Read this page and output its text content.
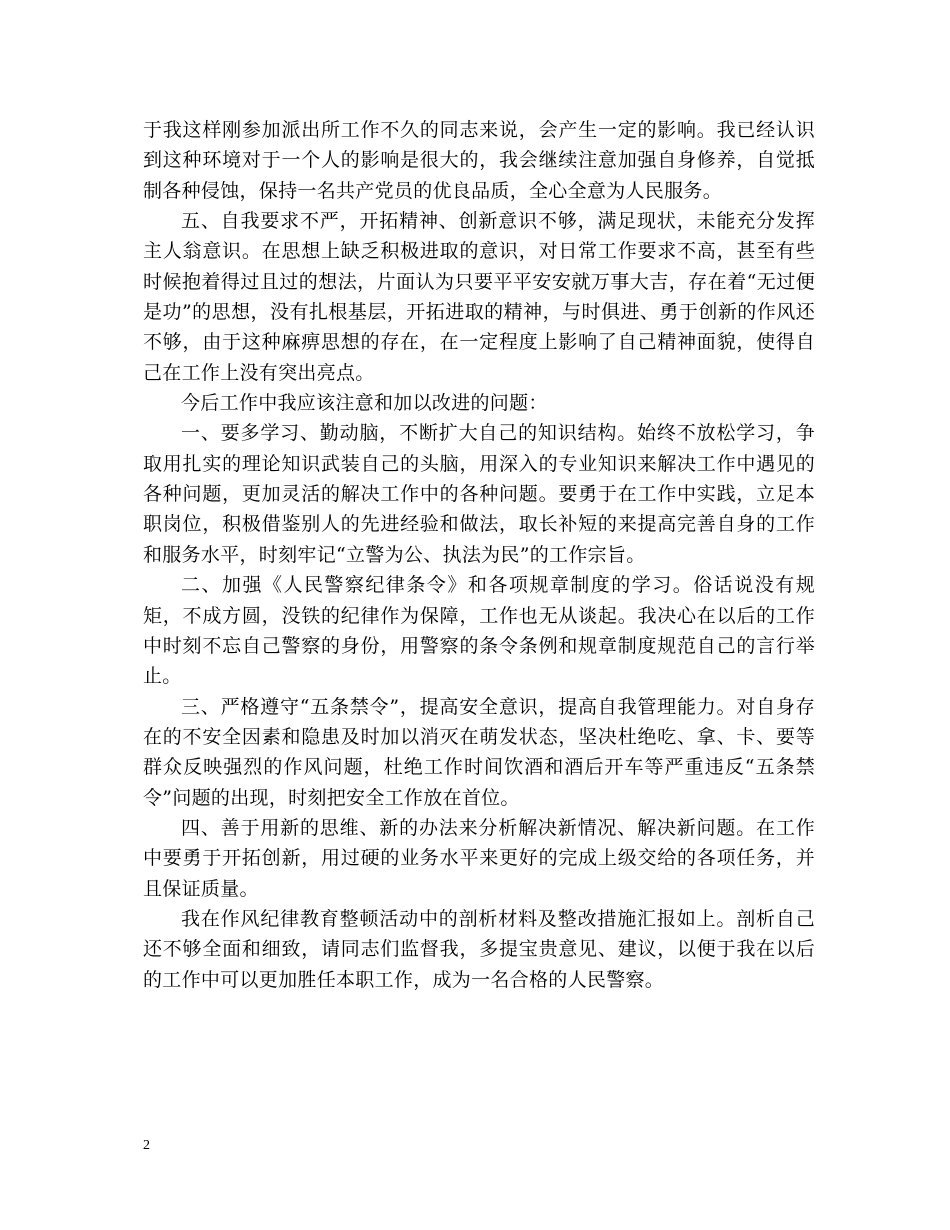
于我这样刚参加派出所工作不久的同志来说，会产生一定的影响。我已经认识到这种环境对于一个人的影响是很大的，我会继续注意加强自身修养，自觉抵制各种侵蚀，保持一名共产党员的优良品质，全心全意为人民服务。

五、自我要求不严，开拓精神、创新意识不够，满足现状，未能充分发挥主人翁意识。在思想上缺乏积极进取的意识，对日常工作要求不高，甚至有些时候抱着得过且过的想法，片面认为只要平平安安就万事大吉，存在着“无过便是功”的思想，没有扎根基层，开拓进取的精神，与时俱进、勇于创新的作风还不够，由于这种麻痹思想的存在，在一定程度上影响了自己精神面貌，使得自己在工作上没有突出亮点。

今后工作中我应该注意和加以改进的问题：

一、要多学习、勤动脑，不断扩大自己的知识结构。始终不放松学习，争取用扎实的理论知识武装自己的头脑，用深入的专业知识来解决工作中遇见的各种问题，更加灵活的解决工作中的各种问题。要勇于在工作中实践，立足本职岗位，积极借鉴别人的先进经验和做法，取长补短的来提高完善自身的工作和服务水平，时刻牢记“立警为公、执法为民”的工作宗旨。

二、加强《人民警察纪律条令》和各项规章制度的学习。俗话说没有规矩，不成方圆，没铁的纪律作为保障，工作也无从谈起。我决心在以后的工作中时刻不忘自己警察的身份，用警察的条令条例和规章制度规范自己的言行举止。

三、严格遵守“五条禁令”，提高安全意识，提高自我管理能力。对自身存在的不安全因素和隐患及时加以消灭在萌发状态，坚决杜绝吃、拿、卡、要等群众反映强烈的作风问题，杜绝工作时间饮酒和酒后开车等严重违反“五条禁令”问题的出现，时刻把安全工作放在首位。

四、善于用新的思维、新的办法来分析解决新情况、解决新问题。在工作中要勇于开拓创新，用过硬的业务水平来更好的完成上级交给的各项任务，并且保证质量。

我在作风纪律教育整顿活动中的剖析材料及整改措施汇报如上。剖析自己还不够全面和细致，请同志们监督我，多提宝贵意见、建议，以便于我在以后的工作中可以更加胜任本职工作，成为一名合格的人民警察。

2
